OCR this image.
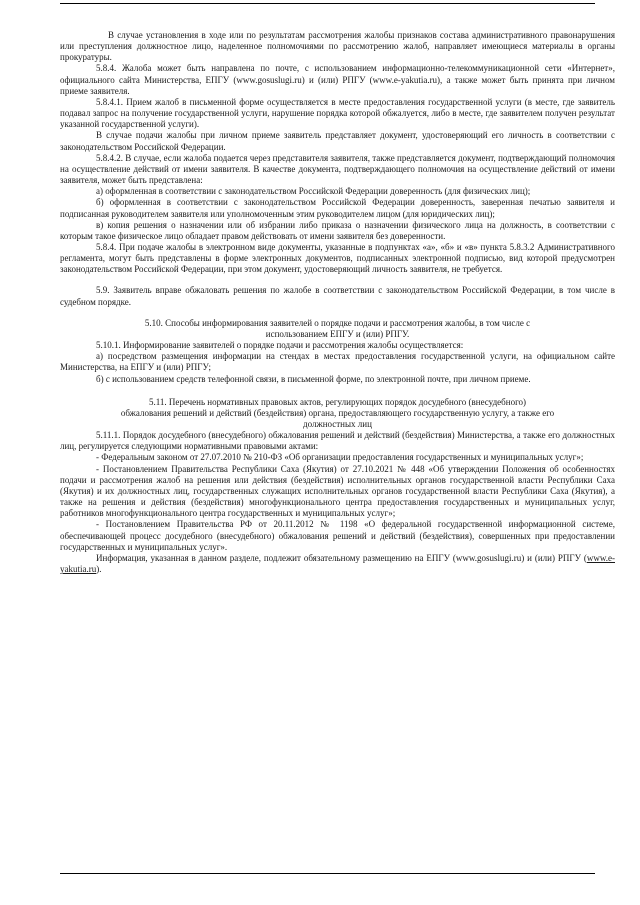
В случае установления в ходе или по результатам рассмотрения жалобы признаков состава административного правонарушения или преступления должностное лицо, наделенное полномочиями по рассмотрению жалоб, направляет имеющиеся материалы в органы прокуратуры.

5.8.4. Жалоба может быть направлена по почте, с использованием информационно-телекоммуникационной сети «Интернет», официального сайта Министерства, ЕПГУ (www.gosuslugi.ru) и (или) РПГУ (www.e-yakutia.ru), а также может быть принята при личном приеме заявителя.

5.8.4.1. Прием жалоб в письменной форме осуществляется в месте предоставления государственной услуги (в месте, где заявитель подавал запрос на получение государственной услуги, нарушение порядка которой обжалуется, либо в месте, где заявителем получен результат указанной государственной услуги).

В случае подачи жалобы при личном приеме заявитель представляет документ, удостоверяющий его личность в соответствии с законодательством Российской Федерации.

5.8.4.2. В случае, если жалоба подается через представителя заявителя, также представляется документ, подтверждающий полномочия на осуществление действий от имени заявителя. В качестве документа, подтверждающего полномочия на осуществление действий от имени заявителя, может быть представлена:

а) оформленная в соответствии с законодательством Российской Федерации доверенность (для физических лиц);

б) оформленная в соответствии с законодательством Российской Федерации доверенность, заверенная печатью заявителя и подписанная руководителем заявителя или уполномоченным этим руководителем лицом (для юридических лиц);

в) копия решения о назначении или об избрании либо приказа о назначении физического лица на должность, в соответствии с которым такое физическое лицо обладает правом действовать от имени заявителя без доверенности.

5.8.4. При подаче жалобы в электронном виде документы, указанные в подпунктах «а», «б» и «в» пункта 5.8.3.2 Административного регламента, могут быть представлены в форме электронных документов, подписанных электронной подписью, вид которой предусмотрен законодательством Российской Федерации, при этом документ, удостоверяющий личность заявителя, не требуется.

5.9. Заявитель вправе обжаловать решения по жалобе в соответствии с законодательством Российской Федерации, в том числе в судебном порядке.

5.10. Способы информирования заявителей о порядке подачи и рассмотрения жалобы, в том числе с

использованием ЕПГУ и (или) РПГУ.

5.10.1. Информирование заявителей о порядке подачи и рассмотрения жалобы осуществляется:

а) посредством размещения информации на стендах в местах предоставления государственной услуги, на официальном сайте Министерства, на ЕПГУ и (или) РПГУ;

б) с использованием средств телефонной связи, в письменной форме, по электронной почте, при личном приеме.

5.11. Перечень нормативных правовых актов, регулирующих порядок досудебного (внесудебного)

обжалования решений и действий (бездействия) органа, предоставляющего государственную услугу, а также его

должностных лиц

5.11.1. Порядок досудебного (внесудебного) обжалования решений и действий (бездействия) Министерства, а также его должностных лиц, регулируется следующими нормативными правовыми актами:

- Федеральным законом от 27.07.2010 № 210-ФЗ «Об организации предоставления государственных и муниципальных услуг»;

- Постановлением Правительства Республики Саха (Якутия) от 27.10.2021 № 448 «Об утверждении Положения об особенностях подачи и рассмотрения жалоб на решения или действия (бездействия) исполнительных органов государственной власти Республики Саха (Якутия) и их должностных лиц, государственных служащих исполнительных органов государственной власти Республики Саха (Якутия), а также на решения и действия (бездействия) многофункционального центра предоставления государственных и муниципальных услуг, работников многофункционального центра государственных и муниципальных услуг»;

- Постановлением Правительства РФ от 20.11.2012 № 1198 «О федеральной государственной информационной системе, обеспечивающей процесс досудебного (внесудебного) обжалования решений и действий (бездействия), совершенных при предоставлении государственных и муниципальных услуг».

Информация, указанная в данном разделе, подлежит обязательному размещению на ЕПГУ (www.gosuslugi.ru) и (или) РПГУ (www.e-yakutia.ru).
